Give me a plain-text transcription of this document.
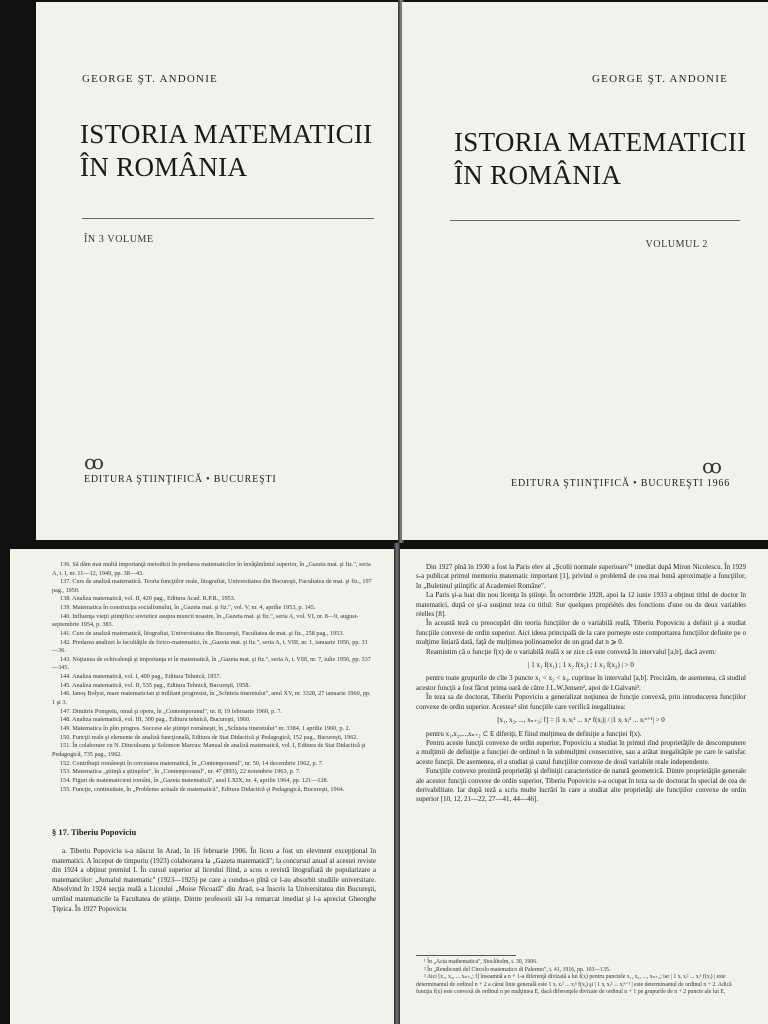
GEORGE ŞT. ANDONIE
ISTORIA MATEMATICII
ÎN ROMÂNIA
ÎN 3 VOLUME
ꝏ
EDITURA ŞTIINŢIFICĂ • BUCUREŞTI
GEORGE ŞT. ANDONIE
ISTORIA MATEMATICII
ÎN ROMÂNIA
VOLUMUL 2
ꝏ
EDITURA ŞTIINŢIFICĂ • BUCUREŞTI 1966

136. Să dăm mai multă importanţă metodicii în predarea matematicilor în învăţămîntul superior, în „Gazeta mat. şi fiz.", seria A, t. I, nr. 11—12, 1949, pp. 38—43.

137. Curs de analiză matematică. Teoria funcţiilor reale, litografiat, Universitatea din Bucureşti, Facultatea de mat. şi fiz., 197 pag., 1950.

138. Analiza matematică, vol. II, 420 pag., Editura Acad. R.P.R., 1953.

139. Matematica în construcţia socialismului, în „Gazeta mat. şi fiz.", vol. V, nr. 4, aprilie 1953, p. 145.

140. Influenţa vieţii ştiinţifice sovietice asupra muncii noastre, în „Gazeta mat. şi fiz.", seria A, vol. VI, nr. 8—9, august-septembrie 1954, p. 383.

141. Curs de analiză matematică, litografiat, Universitatea din Bucureşti, Facultatea de mat. şi fiz., 258 pag., 1953.

142. Predarea analizei la facultăţile de fizico-matematici, în „Gazeta mat. şi fiz.", seria A, t. VIII, nr. 1, ianuarie 1956, pp. 31—36.

143. Noţiunea de echivalenţă şi importanţa ei în matematică, în „Gazeta mat. şi fiz.", seria A, t. VIII, nr. 7, iulie 1956, pp. 337—345.

144. Analiza matematică, vol. I, 400 pag., Editura Tehnică, 1957.

145. Analiza matematică, vol. II, 535 pag., Editura Tehnică, Bucureşti, 1958.

146. Ianoş Bolyai, mare matematician şi militant progresist, în „Scînteia tineretului", anul XV, nr. 3328, 27 ianuarie 1960, pp. 1 şi 3.

147. Dimitrie Pompeiu, omul şi opera, în „Contemporanul", nr. 8, 19 februarie 1960, p. 7.

148. Analiza matematică, vol. III, 300 pag., Editura tehnică, Bucureşti, 1960.

149. Matematica în plin progres. Succese ale ştiinţei româneşti, în „Scînteia tineretului" nr. 3384, 1 aprilie 1960, p. 2.

150. Funcţii reale şi elemente de analiză funcţională, Editura de Stat Didactică şi Pedagogică, 152 pag., Bucureşti, 1962.

151. În colaborare cu N. Dinculeanu şi Solomon Marcus: Manual de analiză matematică, vol. I, Editura de Stat Didactică şi Pedagogică, 735 pag., 1962.

152. Contribuţii româneşti în cercetarea matematică, în „Contemporanul", nr. 50, 14 decembrie 1962, p. 7.

153. Matematica „ştiinţă a ştiinţelor", în „Contemporanul", nr. 47 (893), 22 noiembrie 1963, p. 7.

154. Figuri de matematicieni români, în „Gazeta matematică", anul LXIX, nr. 4, aprilie 1964, pp. 121—128.

155. Funcţie, continuitate, în „Probleme actuale de matematică", Editura Didactică şi Pedagogică, Bucureşti, 1964.

§ 17. Tiberiu Popoviciu

a. Tiberiu Popoviciu s-a născut în Arad, în 16 februarie 1906. În liceu a fost un elevment excepţional în matematici. A început de timpuriu (1923) colaborarea la „Gazeta matematică"; la concursul anual al acestei reviste din 1924 a obţinut premiul I. În cursul superior al liceului fiind, a scos o revistă litografiată de popularizare a matematicilor: „Jurnalul matematic" (1923—1925) pe care a condus-o pînă ce l-au absorbit studiile universitare. Absolvind în 1924 secţia reală a Liceului „Moise Nicoară" din Arad, s-a înscris la Universitatea din Bucureşti, urmînd matematicile la Facultatea de ştiinţe. Dintre profesorii săi l-a remarcat imediat şi l-a apreciat Gheorghe Ţiţeica. În 1927 Popoviciu

Din 1927 pînă în 1930 a fost la Paris elev al „Şcolii normale superioare"¹ imediat după Miron Nicolescu. În 1929 s-a publicat primul memoriu matematic important [1], privind o problemă de cea mai bună aproximaţie a funcţiilor, în „Buletinul ştiinţific al Academiei Române".

La Paris şi-a luat din nou licenţa în ştiinţe. În octombrie 1928, apoi la 12 iunie 1933 a obţinut titlul de doctor în matematici, după ce şi-a susţinut teza cu titlul: Sur quelques propriétés des fonctions d'une ou de deux variables réelles [8].

În această teză cu preocupări din teoria funcţiilor de o variabilă reală, Tiberiu Popoviciu a definit şi a studiat funcţiile convexe de ordin superior. Aici ideea principală de la care porneşte este comportarea funcţiilor definite pe o mulţime liniară dată, faţă de mulţimea polinoamelor de un grad dat n ⩾ 0.

Reamintim că o funcţie f(x) de o variabilă reală x se zice că este convexă în intervalul [a,b], dacă avem:

| 1 x₁ f(x₁) ; 1 x₂ f(x₂) ; 1 x₃ f(x₃) | > 0

pentru toate grupurile de cîte 3 puncte x₁ < x₂ < x₃, cuprinse în intervalul [a,b]. Precizăm, de asemenea, că studiul acestor funcţii a fost făcut prima oară de către J.L.W.Jensen², apoi de I.Galvani³.

În teza sa de doctorat, Tiberiu Popoviciu a generalizat noţiunea de funcţie convexă, prin introducerea funcţiilor convexe de ordin superior. Acestea⁴ sînt funcţiile care verifică inegalitatea:

[x₁, x₂, ..., xₙ₊₂; f] = |1 xᵢ xᵢ² ... xᵢⁿ f(xᵢ)| / |1 xᵢ xᵢ² ... xᵢⁿ⁺¹| > 0

pentru x₁,x₂,...,xₙ₊₂ ⊂ E diferiţi, E fiind mulţimea de definiţie a funcţiei f(x).

Pentru aceste funcţii convexe de ordin superior, Popoviciu a studiat în primul rînd proprietăţile de descompunere a mulţimii de definiţie a funcţiei de ordinul n în submulţimi consecutive, sau a arătat inegalităţile pe care le satisfac aceste funcţii. De asemenea, el a studiat şi cazul funcţiilor convexe de două variabile reale independente.

Funcţiile convexe prezintă proprietăţi şi definiţii caracteristice de natură geometrică. Dintre proprietăţile generale ale acestor funcţii convexe de ordin superior, Tiberiu Popoviciu s-a ocupat în teza sa de doctorat în special de cea de derivabilitate. Iar după teză a scris multe lucrări în care a studiat alte proprietăţi ale funcţiilor convexe de ordin superior [10, 12, 21—22, 27—41, 44—46].

¹ În „Acta mathematica", Stockholm, t. 30, 1906.

² În „Rendiconti del Circolo matematico di Palermo", t. 41, 1916, pp. 103—135.

³ Aici [x₁, x₂, ... xₙ₊₂; f] înseamnă a n + 1-a diferenţă divizată a lui f(x) pentru punctele x₁, x₂, ..., xₙ₊₂; iar | 1 xᵢ xᵢ² ... xᵢⁿ f(xᵢ) | este determinantul de ordinul n + 2 a cărui linie generală este 1 xᵢ xᵢ² ... xᵢⁿ f(xᵢ) şi | 1 xᵢ xᵢ² ... xᵢⁿ⁺¹ | este determinantul de ordinul n + 2. Adică funcţia f(x) este convexă de ordinul n pe mulţimea E, dacă diferenţele divizate de ordinul n + 1 pe grupurile de n + 2 puncte ale lui E,
